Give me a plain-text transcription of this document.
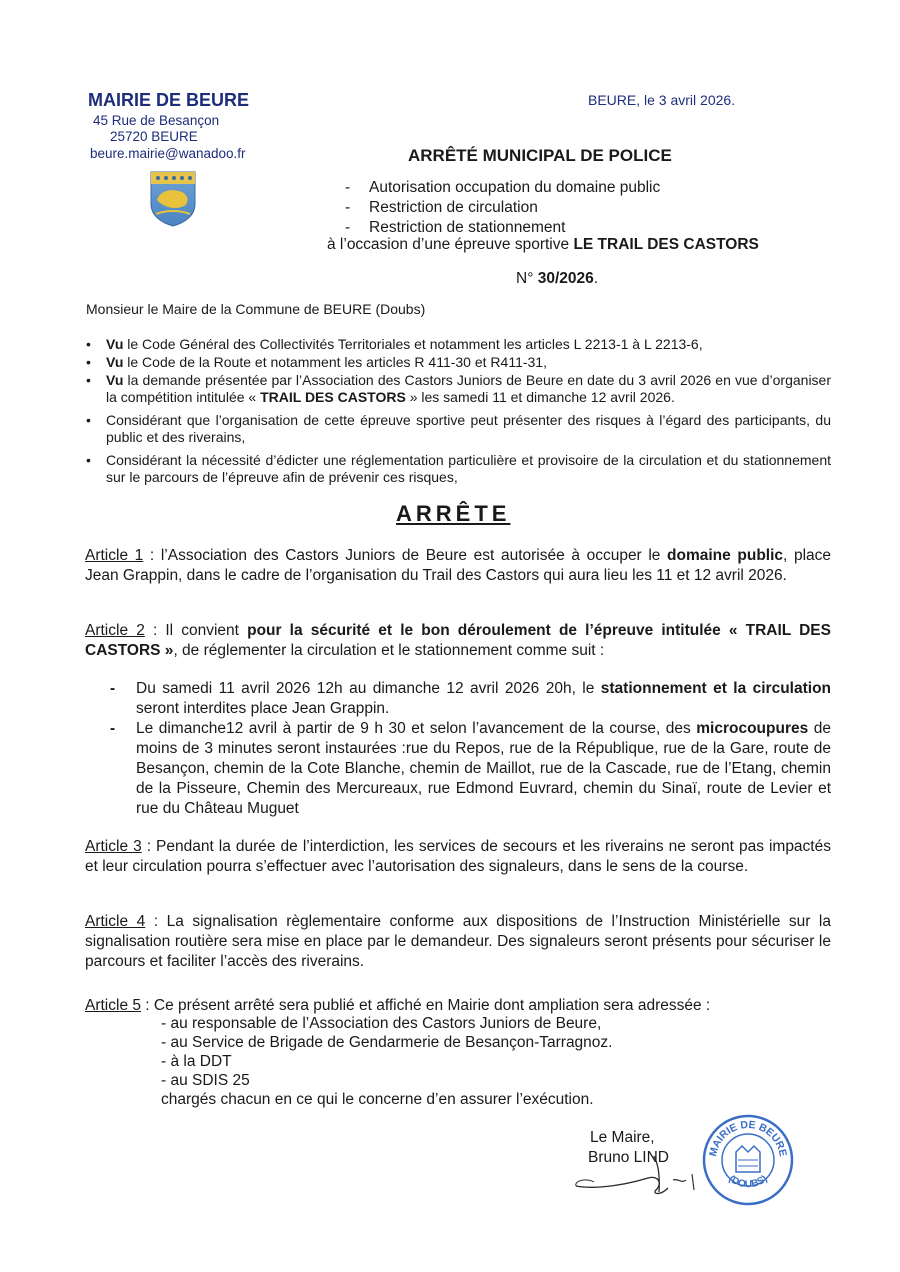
MAIRIE DE BEURE
45 Rue de Besançon
25720 BEURE
beure.mairie@wanadoo.fr
BEURE, le 3 avril 2026.
ARRÊTÉ MUNICIPAL DE POLICE
- Autorisation occupation du domaine public
- Restriction de circulation
- Restriction de stationnement
à l’occasion d’une épreuve sportive LE TRAIL DES CASTORS
N° 30/2026.
Monsieur le Maire de la Commune de BEURE (Doubs)
• Vu le Code Général des Collectivités Territoriales et notamment les articles L 2213-1 à L 2213-6,
• Vu le Code de la Route et notamment les articles R 411-30 et R411-31,
• Vu la demande présentée par l’Association des Castors Juniors de Beure en date du 3 avril 2026 en vue d’organiser la compétition intitulée « TRAIL DES CASTORS » les samedi 11 et dimanche 12 avril 2026.
• Considérant que l’organisation de cette épreuve sportive peut présenter des risques à l’égard des participants, du public et des riverains,
• Considérant la nécessité d’édicter une réglementation particulière et provisoire de la circulation et du stationnement sur le parcours de l’épreuve afin de prévenir ces risques,
ARRÊTE
Article 1 : l’Association des Castors Juniors de Beure est autorisée à occuper le domaine public, place Jean Grappin, dans le cadre de l’organisation du Trail des Castors qui aura lieu les 11 et 12 avril 2026.
Article 2 : Il convient pour la sécurité et le bon déroulement de l’épreuve intitulée « TRAIL DES CASTORS », de réglementer la circulation et le stationnement comme suit :
- Du samedi 11 avril 2026 12h au dimanche 12 avril 2026 20h, le stationnement et la circulation seront interdites place Jean Grappin.
- Le dimanche12 avril à partir de 9 h 30 et selon l’avancement de la course, des microcoupures de moins de 3 minutes seront instaurées :rue du Repos, rue de la République, rue de la Gare, route de Besançon, chemin de la Cote Blanche, chemin de Maillot, rue de la Cascade, rue de l’Etang, chemin de la Pisseure, Chemin des Mercureaux, rue Edmond Euvrard, chemin du Sinaï, route de Levier et rue du Château Muguet
Article 3 : Pendant la durée de l’interdiction, les services de secours et les riverains ne seront pas impactés et leur circulation pourra s’effectuer avec l’autorisation des signaleurs, dans le sens de la course.
Article 4 : La signalisation règlementaire conforme aux dispositions de l’Instruction Ministérielle sur la signalisation routière sera mise en place par le demandeur. Des signaleurs seront présents pour sécuriser le parcours et faciliter l’accès des riverains.
Article 5 : Ce présent arrêté sera publié et affiché en Mairie dont ampliation sera adressée :
- au responsable de l’Association des Castors Juniors de Beure,
- au Service de Brigade de Gendarmerie de Besançon-Tarragnoz.
- à la DDT
- au SDIS 25
chargés chacun en ce qui le concerne d’en assurer l’exécution.
Le Maire,
Bruno LIND	MAIRIE DE BEURE
(DOUBS)
